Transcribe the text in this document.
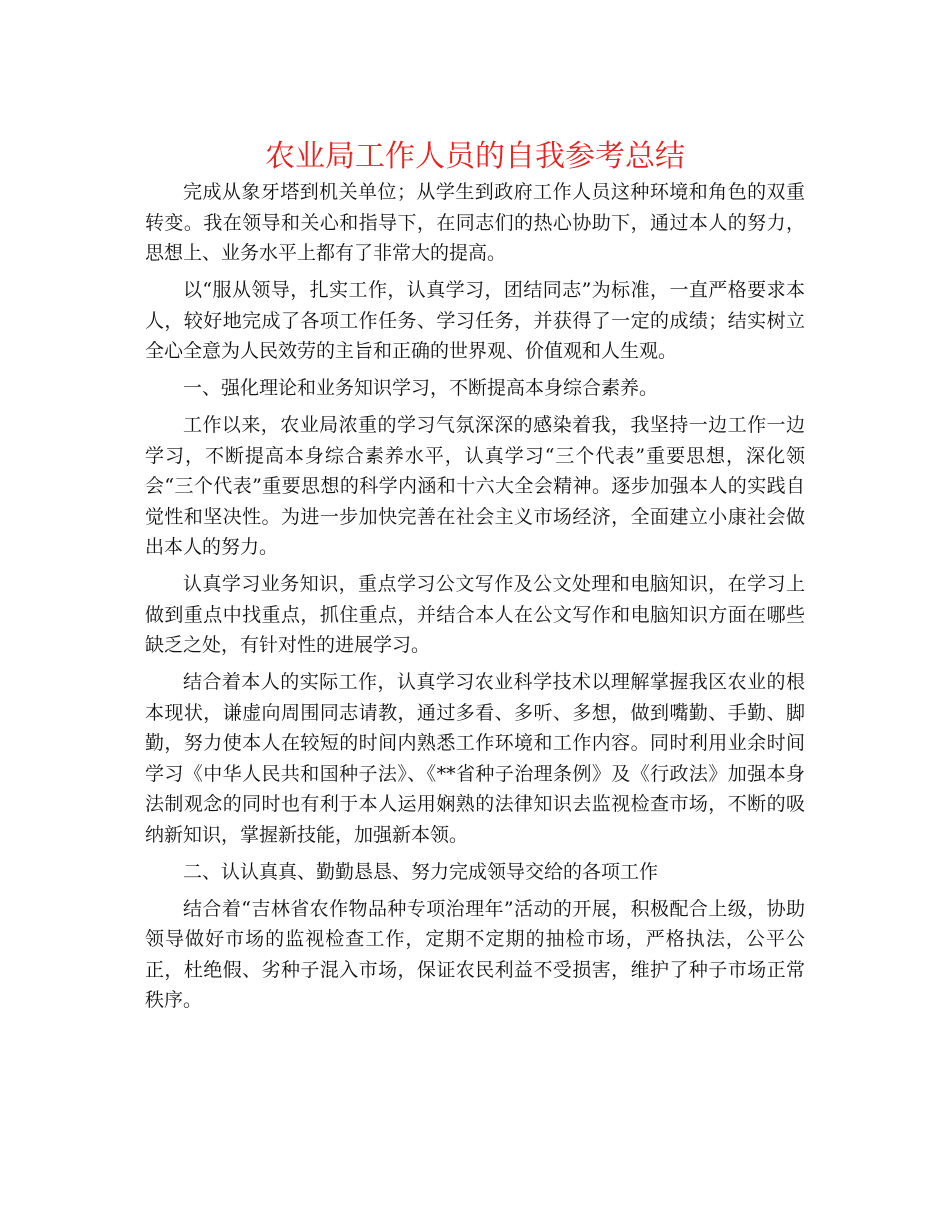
农业局工作人员的自我参考总结

完成从象牙塔到机关单位；从学生到政府工作人员这种环境和角色的双重转变。我在领导和关心和指导下，在同志们的热心协助下，通过本人的努力，思想上、业务水平上都有了非常大的提高。

以“服从领导，扎实工作，认真学习，团结同志”为标准，一直严格要求本人，较好地完成了各项工作任务、学习任务，并获得了一定的成绩；结实树立全心全意为人民效劳的主旨和正确的世界观、价值观和人生观。

一、强化理论和业务知识学习，不断提高本身综合素养。

工作以来，农业局浓重的学习气氛深深的感染着我，我坚持一边工作一边学习，不断提高本身综合素养水平，认真学习“三个代表”重要思想，深化领会“三个代表”重要思想的科学内涵和十六大全会精神。逐步加强本人的实践自觉性和坚决性。为进一步加快完善在社会主义市场经济，全面建立小康社会做出本人的努力。

认真学习业务知识，重点学习公文写作及公文处理和电脑知识，在学习上做到重点中找重点，抓住重点，并结合本人在公文写作和电脑知识方面在哪些缺乏之处，有针对性的进展学习。

结合着本人的实际工作，认真学习农业科学技术以理解掌握我区农业的根本现状，谦虚向周围同志请教，通过多看、多听、多想，做到嘴勤、手勤、脚勤，努力使本人在较短的时间内熟悉工作环境和工作内容。同时利用业余时间学习《中华人民共和国种子法》、《**省种子治理条例》及《行政法》加强本身法制观念的同时也有利于本人运用娴熟的法律知识去监视检查市场，不断的吸纳新知识，掌握新技能，加强新本领。

二、认认真真、勤勤恳恳、努力完成领导交给的各项工作

结合着“吉林省农作物品种专项治理年”活动的开展，积极配合上级，协助领导做好市场的监视检查工作，定期不定期的抽检市场，严格执法，公平公正，杜绝假、劣种子混入市场，保证农民利益不受损害，维护了种子市场正常秩序。
